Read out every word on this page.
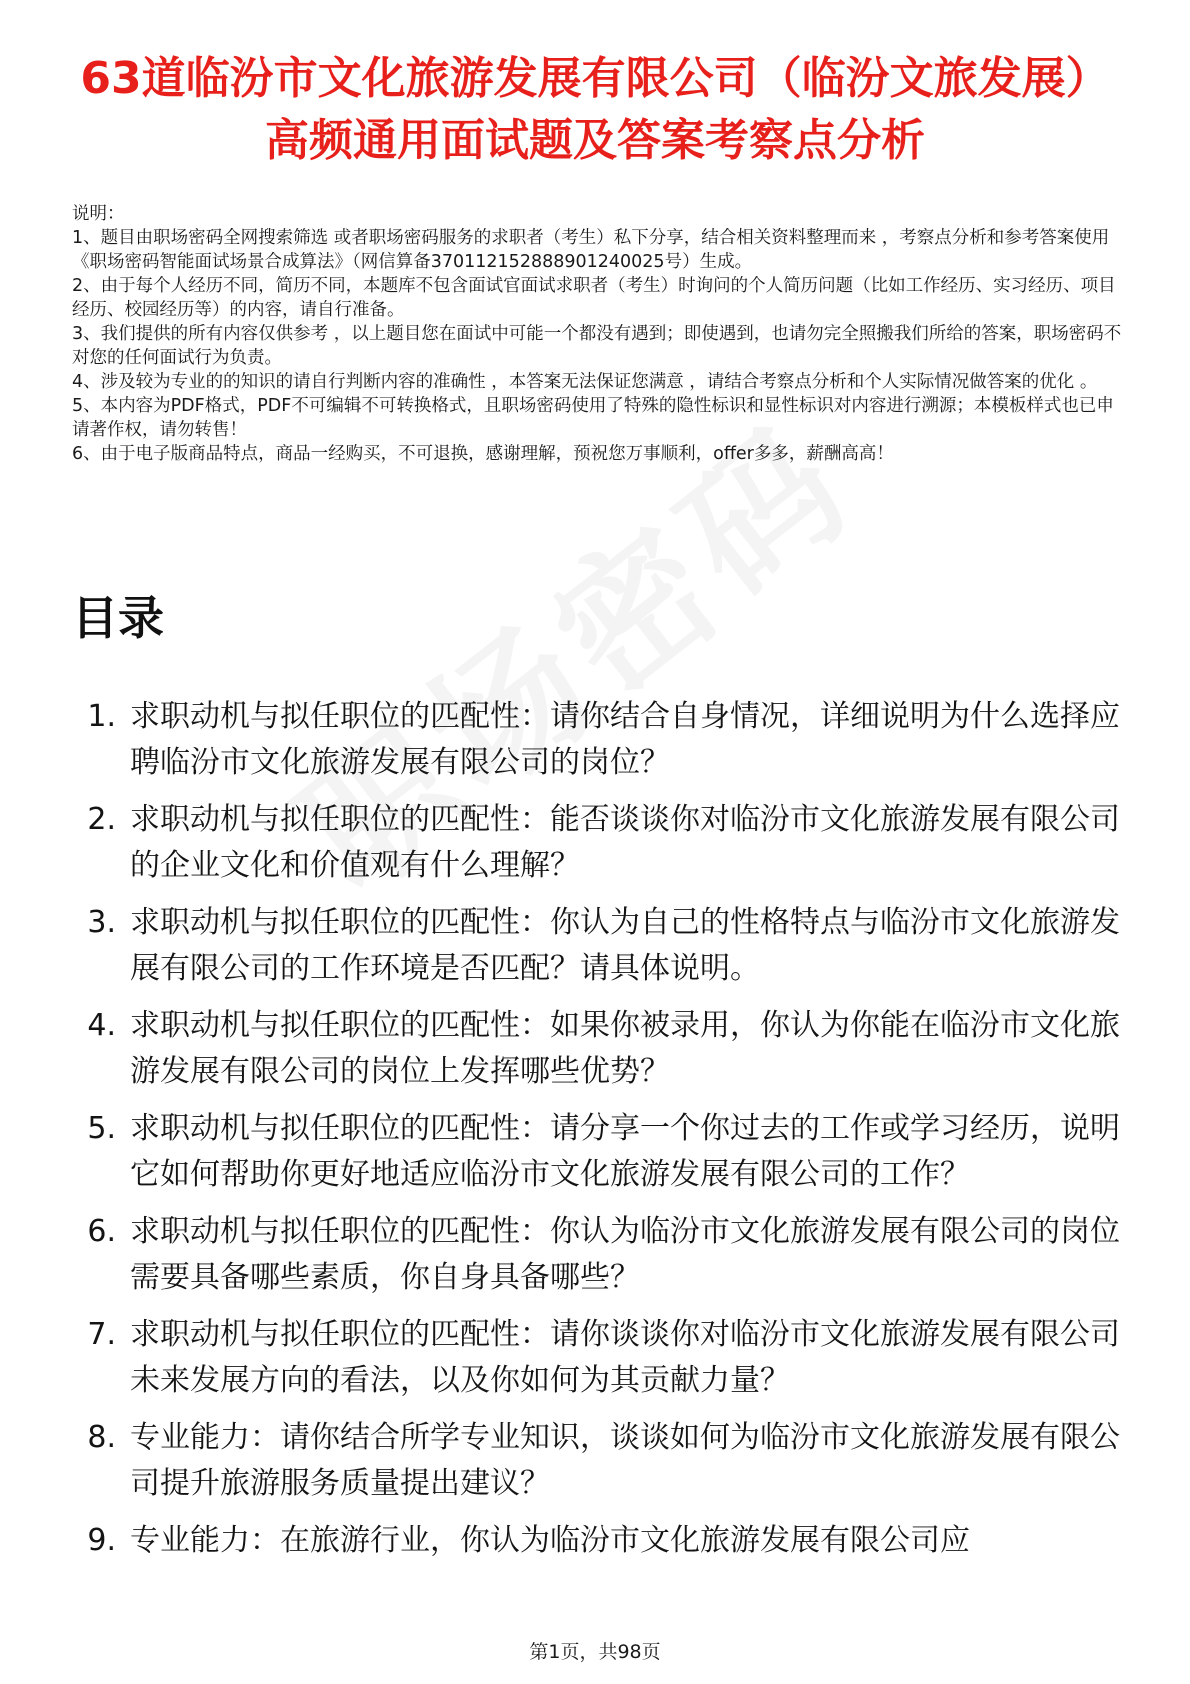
63道临汾市文化旅游发展有限公司（临汾文旅发展）高频通用面试题及答案考察点分析

说明：

1、题目由职场密码全网搜索筛选 或者职场密码服务的求职者（考生）私下分享，结合相关资料整理而来 ，考察点分析和参考答案使用《职场密码智能面试场景合成算法》（网信算备370112152888901240025号）生成。

2、由于每个人经历不同，简历不同，本题库不包含面试官面试求职者（考生）时询问的个人简历问题（比如工作经历、实习经历、项目经历、校园经历等）的内容，请自行准备。

3、我们提供的所有内容仅供参考 ，以上题目您在面试中可能一个都没有遇到；即使遇到，也请勿完全照搬我们所给的答案，职场密码不对您的任何面试行为负责。

4、涉及较为专业的的知识的请自行判断内容的准确性 ，本答案无法保证您满意 ，请结合考察点分析和个人实际情况做答案的优化 。

5、本内容为PDF格式，PDF不可编辑不可转换格式，且职场密码使用了特殊的隐性标识和显性标识对内容进行溯源；本模板样式也已申请著作权，请勿转售！

6、由于电子版商品特点，商品一经购买，不可退换，感谢理解，预祝您万事顺利，offer多多，薪酬高高！

目录
1. 求职动机与拟任职位的匹配性：请你结合自身情况，详细说明为什么选择应聘临汾市文化旅游发展有限公司的岗位？
2. 求职动机与拟任职位的匹配性：能否谈谈你对临汾市文化旅游发展有限公司的企业文化和价值观有什么理解？
3. 求职动机与拟任职位的匹配性：你认为自己的性格特点与临汾市文化旅游发展有限公司的工作环境是否匹配？请具体说明。
4. 求职动机与拟任职位的匹配性：如果你被录用，你认为你能在临汾市文化旅游发展有限公司的岗位上发挥哪些优势？
5. 求职动机与拟任职位的匹配性：请分享一个你过去的工作或学习经历，说明它如何帮助你更好地适应临汾市文化旅游发展有限公司的工作？
6. 求职动机与拟任职位的匹配性：你认为临汾市文化旅游发展有限公司的岗位需要具备哪些素质，你自身具备哪些？
7. 求职动机与拟任职位的匹配性：请你谈谈你对临汾市文化旅游发展有限公司未来发展方向的看法，以及你如何为其贡献力量？
8. 专业能力：请你结合所学专业知识，谈谈如何为临汾市文化旅游发展有限公司提升旅游服务质量提出建议？
9. 专业能力：在旅游行业，你认为临汾市文化旅游发展有限公司应
第1页，共98页
